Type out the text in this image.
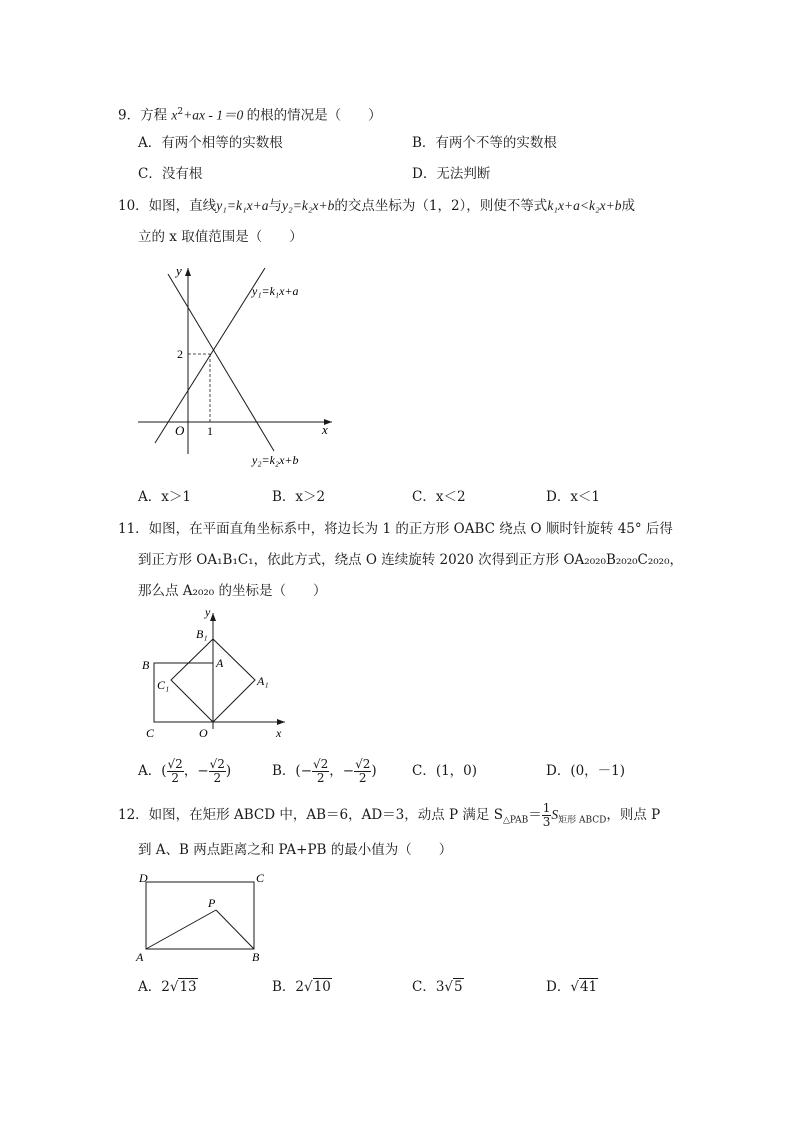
9．方程 $x^2+ax - 1=0$ 的根的情况是（　　）
A．有两个相等的实数根	B．有两个不等的实数根
C．没有根	D．无法判断
10．如图，直线y₁=k₁x+a与y₂=k₂x+b的交点坐标为（1，2），则使不等式k₁x+a<k₂x+b成
立的 x 取值范围是（　　）
y
x
O 1
2
y₁=k₁x+a
y₂=k₂x+b
A．x＞1	B．x＞2	C．x＜2	D．x＜1
11．如图，在平面直角坐标系中，将边长为 1 的正方形 OABC 绕点 O 顺时针旋转 45° 后得
到正方形 OA₁B₁C₁，依此方式，绕点 O 连续旋转 2020 次得到正方形 OA₂₀₂₀B₂₀₂₀C₂₀₂₀，
那么点 A₂₀₂₀ 的坐标是（　　）
y
x
O
A
B
C
A₁
B₁
C₁
A．( $\frac{√2}{2}$ ，− $\frac{√2}{2}$ )	B．(− $\frac{√2}{2}$ ，− $\frac{√2}{2}$ )	C．(1，0)	D．(0，－1)
12．如图，在矩形 ABCD 中，AB＝6，AD＝3，动点 P 满足 $S_{\triangle PAB}= \frac{1}{3} S_{矩形 ABCD}$，则点 P
到 A、B 两点距离之和 PA+PB 的最小值为（　　）
D	C
A	B
P
A．2√13	B．2√10	C．3√5	D．√41
